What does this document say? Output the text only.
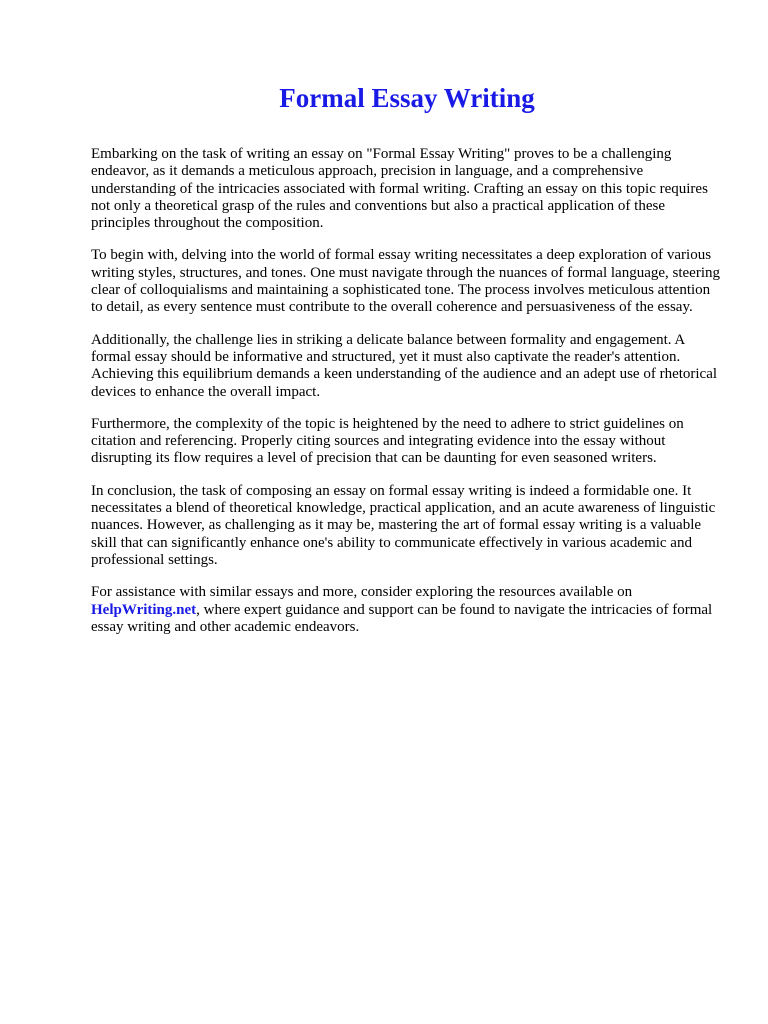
Formal Essay Writing

Embarking on the task of writing an essay on "Formal Essay Writing" proves to be a challenging endeavor, as it demands a meticulous approach, precision in language, and a comprehensive understanding of the intricacies associated with formal writing. Crafting an essay on this topic requires not only a theoretical grasp of the rules and conventions but also a practical application of these principles throughout the composition.

To begin with, delving into the world of formal essay writing necessitates a deep exploration of various writing styles, structures, and tones. One must navigate through the nuances of formal language, steering clear of colloquialisms and maintaining a sophisticated tone. The process involves meticulous attention to detail, as every sentence must contribute to the overall coherence and persuasiveness of the essay.

Additionally, the challenge lies in striking a delicate balance between formality and engagement. A formal essay should be informative and structured, yet it must also captivate the reader's attention. Achieving this equilibrium demands a keen understanding of the audience and an adept use of rhetorical devices to enhance the overall impact.

Furthermore, the complexity of the topic is heightened by the need to adhere to strict guidelines on citation and referencing. Properly citing sources and integrating evidence into the essay without disrupting its flow requires a level of precision that can be daunting for even seasoned writers.

In conclusion, the task of composing an essay on formal essay writing is indeed a formidable one. It necessitates a blend of theoretical knowledge, practical application, and an acute awareness of linguistic nuances. However, as challenging as it may be, mastering the art of formal essay writing is a valuable skill that can significantly enhance one's ability to communicate effectively in various academic and professional settings.

For assistance with similar essays and more, consider exploring the resources available on HelpWriting.net, where expert guidance and support can be found to navigate the intricacies of formal essay writing and other academic endeavors.
